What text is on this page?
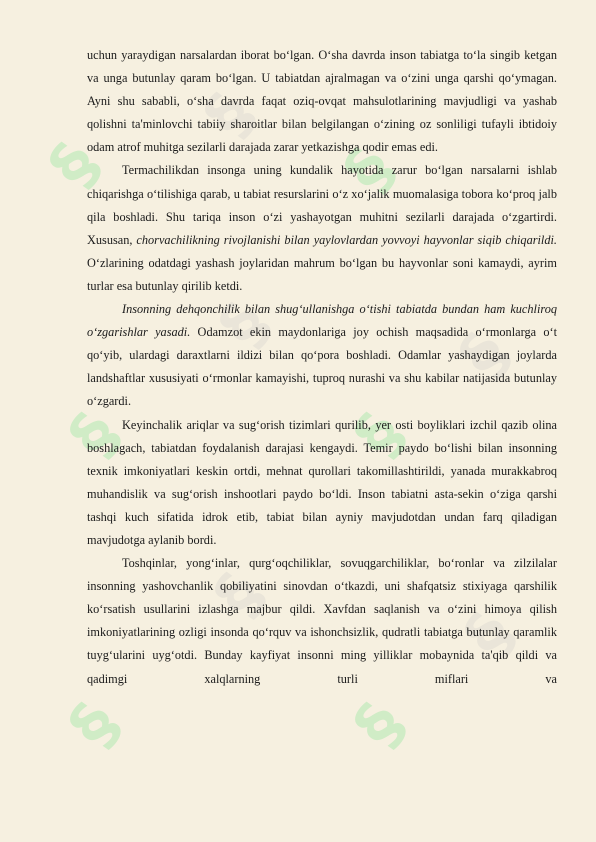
§
§
§
§
§
§
§
§
§
§
§

uchun yaraydigan narsalardan iborat bo‘lgan. O‘sha davrda inson tabiatga to‘la singib ketgan va unga butunlay qaram bo‘lgan. U tabiatdan ajralmagan va o‘zini unga qarshi qo‘ymagan. Ayni shu sababli, o‘sha davrda faqat oziq-ovqat mahsulotlarining mavjudligi va yashab qolishni ta'minlovchi tabiiy sharoitlar bilan belgilangan o‘zining oz sonliligi tufayli ibtidoiy odam atrof muhitga sezilarli darajada zarar yetkazishga qodir emas edi.

Termachilikdan insonga uning kundalik hayotida zarur bo‘lgan narsalarni ishlab chiqarishga o‘tilishiga qarab, u tabiat resurslarini o‘z xo‘jalik muomalasiga tobora ko‘proq jalb qila boshladi. Shu tariqa inson o‘zi yashayotgan muhitni sezilarli darajada o‘zgartirdi. Xususan, chorvachilikning rivojlanishi bilan yaylovlardan yovvoyi hayvonlar siqib chiqarildi. O‘zlarining odatdagi yashash joylaridan mahrum bo‘lgan bu hayvonlar soni kamaydi, ayrim turlar esa butunlay qirilib ketdi.

Insonning dehqonchilik bilan shug‘ullanishga o‘tishi tabiatda bundan ham kuchliroq o‘zgarishlar yasadi. Odamzot ekin maydonlariga joy ochish maqsadida o‘rmonlarga o‘t qo‘yib, ulardagi daraxtlarni ildizi bilan qo‘pora boshladi. Odamlar yashaydigan joylarda landshaftlar xususiyati o‘rmonlar kamayishi, tuproq nurashi va shu kabilar natijasida butunlay o‘zgardi.

Keyinchalik ariqlar va sug‘orish tizimlari qurilib, yer osti boyliklari izchil qazib olina boshlagach, tabiatdan foydalanish darajasi kengaydi. Temir paydo bo‘lishi bilan insonning texnik imkoniyatlari keskin ortdi, mehnat qurollari takomillashtirildi, yanada murakkabroq muhandislik va sug‘orish inshootlari paydo bo‘ldi. Inson tabiatni asta-sekin o‘ziga qarshi tashqi kuch sifatida idrok etib, tabiat bilan ayniy mavjudotdan undan farq qiladigan mavjudotga aylanib bordi.

Toshqinlar, yong‘inlar, qurg‘oqchiliklar, sovuqgarchiliklar, bo‘ronlar va zilzilalar insonning yashovchanlik qobiliyatini sinovdan o‘tkazdi, uni shafqatsiz stixiyaga qarshilik ko‘rsatish usullarini izlashga majbur qildi. Xavfdan saqlanish va o‘zini himoya qilish imkoniyatlarining ozligi insonda qo‘rquv va ishonchsizlik, qudratli tabiatga butunlay qaramlik tuyg‘ularini uyg‘otdi. Bunday kayfiyat insonni ming yilliklar mobaynida ta'qib qildi va qadimgi xalqlarning turli miflari va
